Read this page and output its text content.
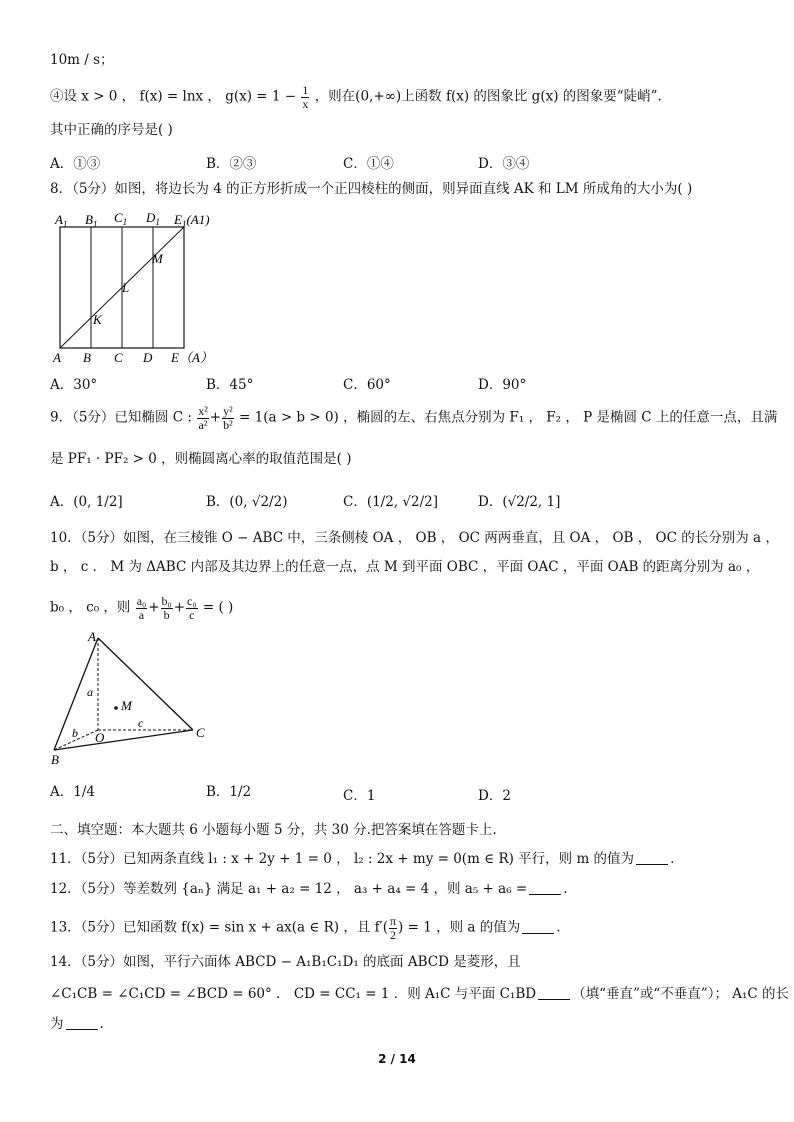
10m / s；
④设 x > 0 ， f(x) = lnx ， $g(x) = 1 - \frac{1}{x}$ ，则在(0,+∞)上函数 f(x) 的图象比 g(x) 的图象要“陡峭”.
其中正确的序号是( )
A．①③	B．②③	C．①④	D．③④
8．（5分）如图，将边长为 4 的正方形折成一个正四棱柱的侧面，则异面直线 AK 和 LM 所成角的大小为( )
$A_1$ $B_1$ $C_1$ $D_1$ $E_1(A1)$
M
L
K
A B C D E（A）
A．30°	B．45°	C．60°	D．90°
9．（5分）已知椭圆 C : $\frac{\text{x²}}{\text{a²}} + \frac{\text{y²}}{\text{b²}} = 1(a > b > 0)$ ，椭圆的左、右焦点分别为 F₁ ， F₂ ， P 是椭圆 C 上的任意一点，且满
是 PF₁ · PF₂ > 0 ，则椭圆离心率的取值范围是( )
A．(0, 1/2]	B．(0, √2/2)	C．(1/2, √2/2]	D．(√2/2, 1]
10．（5分）如图，在三棱锥 O − ABC 中，三条侧棱 OA ， OB ， OC 两两垂直，且 OA ， OB ， OC 的长分别为 a ，
b ， c ． M 为 ΔABC 内部及其边界上的任意一点，点 M 到平面 OBC ，平面 OAC ，平面 OAB 的距离分别为 a₀ ，
b₀ ， c₀ ，则 $\frac{\text{a₀}}{a} + \frac{\text{b₀}}{b} + \frac{\text{c₀}}{c}$ = ( )
A
a
M
c
b O	C
B
A．1/4	B．1/2	C．1	D．2
二、填空题：本大题共 6 小题每小题 5 分，共 30 分.把答案填在答题卡上.
11．（5分）已知两条直线 l₁ : x + 2y + 1 = 0 ， l₂ : 2x + my = 0(m ∈ R) 平行，则 m 的值为	.
12．（5分）等差数列 {aₙ} 满足 a₁ + a₂ = 12 ， a₃ + a₄ = 4 ，则 a₅ + a₆ =	.
13．（5分）已知函数 f(x) = sin x + ax(a ∈ R) ，且 $f'( \frac{\pi}{2}$ ) = 1 ，则 a 的值为	.
14．（5分）如图，平行六面体 ABCD − A₁B₁C₁D₁ 的底面 ABCD 是菱形，且
∠C₁CB = ∠C₁CD = ∠BCD = 60° ． CD = CC₁ = 1 ．则 A₁C 与平面 C₁BD	（填“垂直”或“不垂直”）； A₁C 的长
为	.
2 / 14
